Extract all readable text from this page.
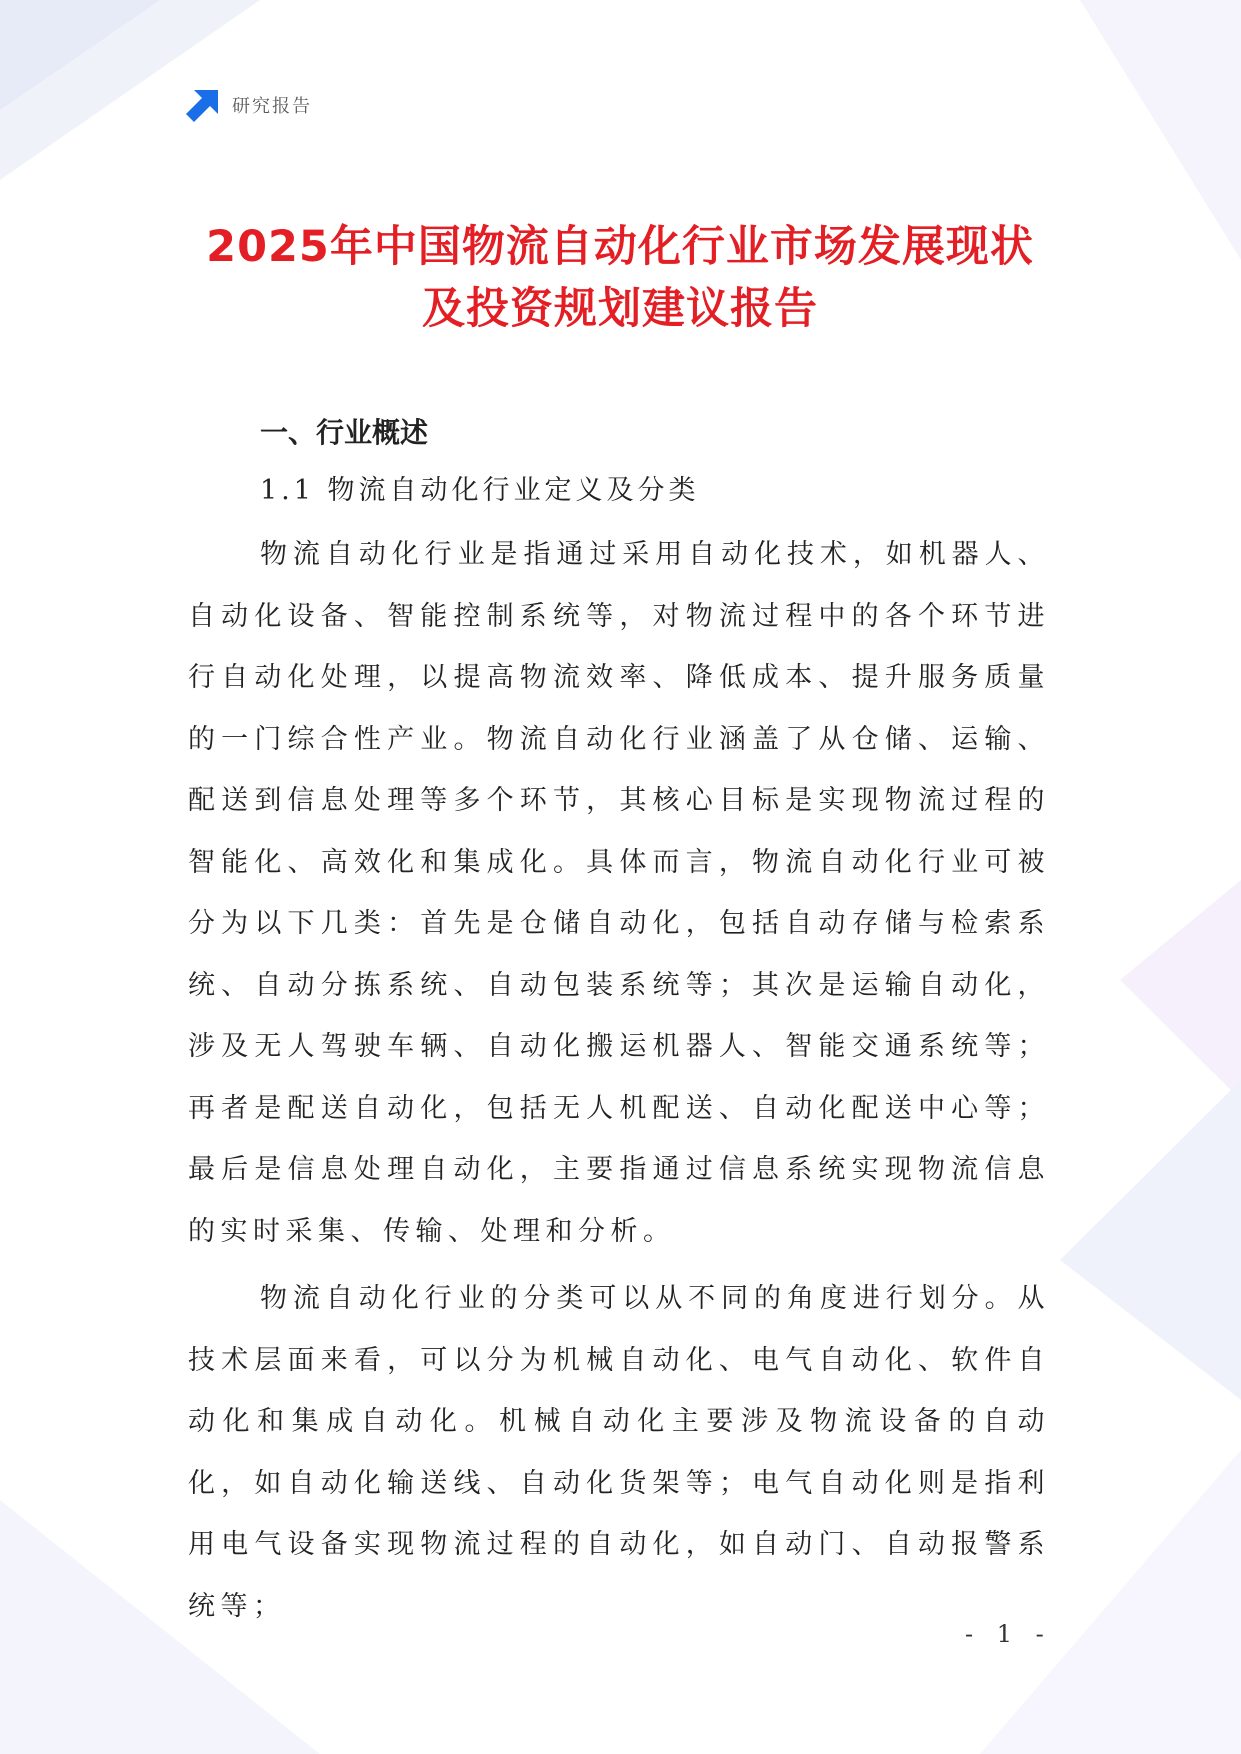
研究报告
2025年中国物流自动化行业市场发展现状
及投资规划建议报告
一、行业概述
1.1 物流自动化行业定义及分类

物流自动化行业是指通过采用自动化技术，如机器人、自动化设备、智能控制系统等，对物流过程中的各个环节进行自动化处理，以提高物流效率、降低成本、提升服务质量的一门综合性产业。物流自动化行业涵盖了从仓储、运输、配送到信息处理等多个环节，其核心目标是实现物流过程的智能化、高效化和集成化。具体而言，物流自动化行业可被分为以下几类：首先是仓储自动化，包括自动存储与检索系统、自动分拣系统、自动包装系统等；其次是运输自动化，涉及无人驾驶车辆、自动化搬运机器人、智能交通系统等；再者是配送自动化，包括无人机配送、自动化配送中心等；最后是信息处理自动化，主要指通过信息系统实现物流信息的实时采集、传输、处理和分析。

物流自动化行业的分类可以从不同的角度进行划分。从技术层面来看，可以分为机械自动化、电气自动化、软件自动化和集成自动化。机械自动化主要涉及物流设备的自动化，如自动化输送线、自动化货架等；电气自动化则是指利用电气设备实现物流过程的自动化，如自动门、自动报警系统等；

- 1 -
